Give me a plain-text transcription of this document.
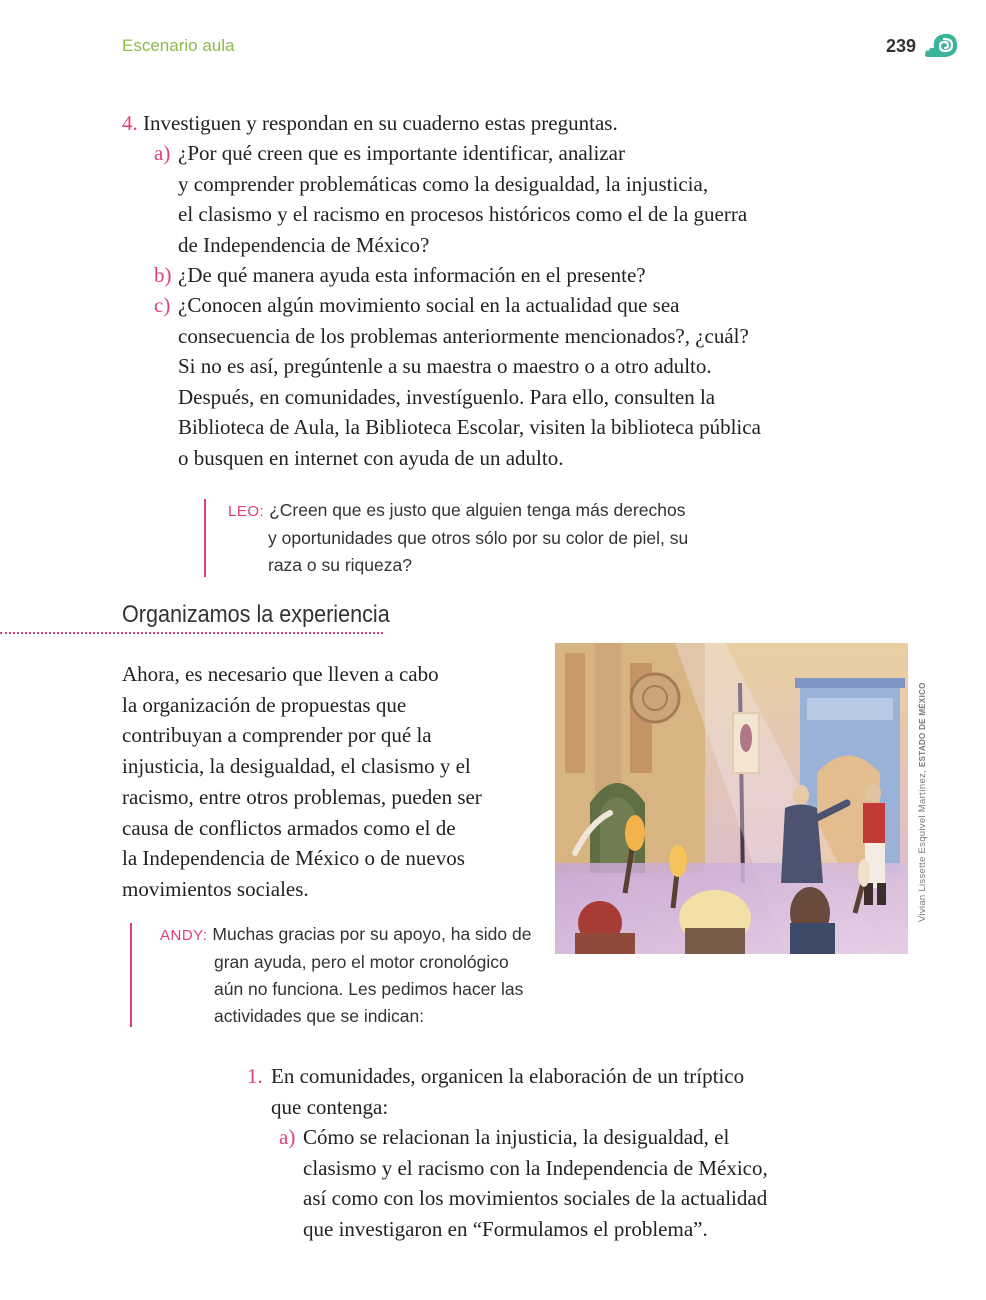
Escenario aula	239
4. Investiguen y respondan en su cuaderno estas preguntas.
a) ¿Por qué creen que es importante identificar, analizar
y comprender problemáticas como la desigualdad, la injusticia,
el clasismo y el racismo en procesos históricos como el de la guerra
de Independencia de México?
b) ¿De qué manera ayuda esta información en el presente?
c) ¿Conocen algún movimiento social en la actualidad que sea
consecuencia de los problemas anteriormente mencionados?, ¿cuál?
Si no es así, pregúntenle a su maestra o maestro o a otro adulto.
Después, en comunidades, investíguenlo. Para ello, consulten la
Biblioteca de Aula, la Biblioteca Escolar, visiten la biblioteca pública
o busquen en internet con ayuda de un adulto.
LEO: ¿Creen que es justo que alguien tenga más derechos
y oportunidades que otros sólo por su color de piel, su
raza o su riqueza?
Organizamos la experiencia
Ahora, es necesario que lleven a cabo
la organización de propuestas que
contribuyan a comprender por qué la
injusticia, la desigualdad, el clasismo y el
racismo, entre otros problemas, pueden ser
causa de conflictos armados como el de
la Independencia de México o de nuevos
movimientos sociales.	Vivian Lissette Esquivel Martínez, ESTADO DE MÉXICO
ANDY: Muchas gracias por su apoyo, ha sido de
gran ayuda, pero el motor cronológico
aún no funciona. Les pedimos hacer las
actividades que se indican:
1. En comunidades, organicen la elaboración de un tríptico
que contenga:
a) Cómo se relacionan la injusticia, la desigualdad, el
clasismo y el racismo con la Independencia de México,
así como con los movimientos sociales de la actualidad
que investigaron en “Formulamos el problema”.
